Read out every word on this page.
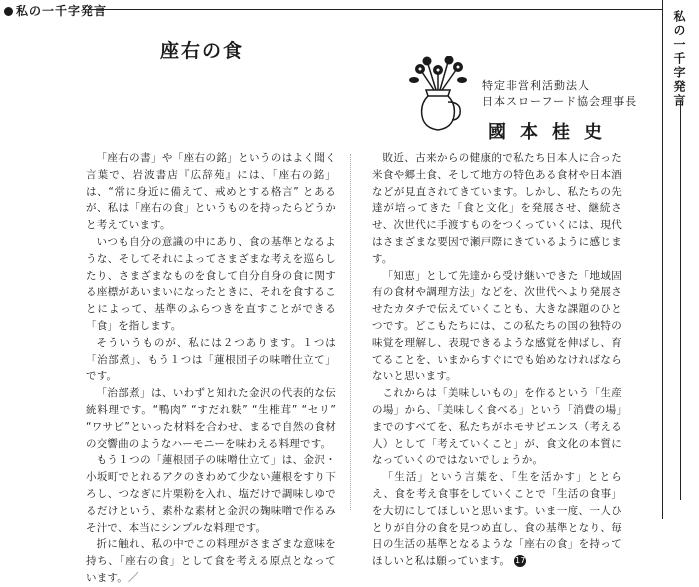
私の一千字発言	私の一千字発言
座右の食
特定非営利活動法人
日本スローフード協会理事長
國本桂史

「座右の書」や「座右の銘」というのはよく聞く言葉で、岩波書店『広辞苑』には、「座右の銘」は、“常に身近に備えて、戒めとする格言” とあるが、私は「座右の食」というものを持ったらどうかと考えています。

いつも自分の意識の中にあり、食の基準となるような、そしてそれによってさまざまな考えを巡らしたり、さまざまなものを食して自分自身の食に関する座標があいまいになったときに、それを食することによって、基準のふらつきを直すことができる「食」を指します。

そういうものが、私には２つあります。１つは「治部煮」、もう１つは「蓮根団子の味噌仕立て」です。

「治部煮」は、いわずと知れた金沢の代表的な伝統料理です。“鴨肉” “すだれ麩” “生椎茸” “セリ” “ワサビ”といった材料を合わせ、まるで自然の食材の交響曲のようなハーモニーを味わえる料理です。

もう１つの「蓮根団子の味噌仕立て」は、金沢・小坂町でとれるアクのきわめて少ない蓮根をすり下ろし、つなぎに片栗粉を入れ、塩だけで調味しゆでるだけという、素朴な素材と金沢の麹味噌で作るみそ汁で、本当にシンプルな料理です。

折に触れ、私の中でこの料理がさまざまな意味を持ち、「座右の食」として食を考える原点となっています。／

敗近、古来からの健康的で私たち日本人に合った米食や郷土食、そして地方の特色ある食材や日本酒などが見直されてきています。しかし、私たちの先達が培ってきた「食と文化」を発展させ、継続させ、次世代に手渡すものをつくっていくには、現代はさまざまな要因で瀬戸際にきているように感じます。

「知恵」として先達から受け継いできた「地域固有の食材や調理方法」などを、次世代へより発展させたカタチで伝えていくことも、大きな課題のひとつです。どこもたちには、この私たちの国の独特の味覚を理解し、表現できるような感覚を伸ばし、育てることを、いまからすぐにでも始めなければならないと思います。

これからは「美味しいもの」を作るという「生産の場」から、「美味しく食べる」という「消費の場」までのすべてを、私たちがホモサピエンス（考える人）として「考えていくこと」が、食文化の本質になっていくのではないでしょうか。

「生活」という言葉を、「生を活かす」ととらえ、食を考え食事をしていくことで「生活の食事」を大切にしてほしいと思います。いま一度、一人ひとりが自分の食を見つめ直し、食の基準となり、毎日の生活の基準となるような「座右の食」を持ってほしいと私は願っています。 17
